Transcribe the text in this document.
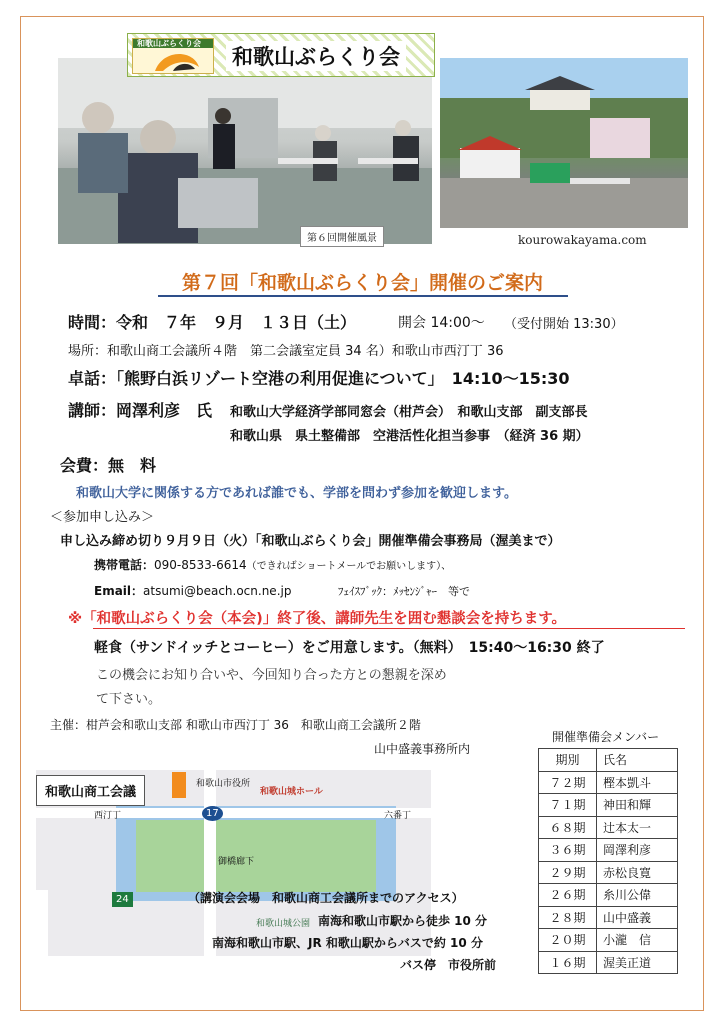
和歌山ぶらくり会
和歌山ぶらくり会
第６回開催風景	kourowakayama.com
第７回「和歌山ぶらくり会」開催のご案内
時間：令和　７年　９月　１３日（土）	開会 14:00〜 （受付開始 13:30）
場所：和歌山商工会議所４階　第二会議室定員 34 名）和歌山市西汀丁 36
卓話：「熊野白浜リゾート空港の利用促進について」　14:10〜15:30
講師：岡澤利彦　氏 和歌山大学経済学部同窓会（柑芦会）　和歌山支部　副支部長
和歌山県　県土整備部　空港活性化担当参事　（経済 36 期）
会費：無　料
和歌山大学に関係する方であれば誰でも、学部を問わず参加を歓迎します。
＜参加申し込み＞
申し込み締め切り９月９日（火）「和歌山ぶらくり会」開催準備会事務局（渥美まで）
携帯電話：090-8533-6614（できればショートメールでお願いします）、
Email：atsumi@beach.ocn.ne.jp	ﾌｪｲｽﾌﾞｯｸ：ﾒｯｾﾝｼﾞｬｰ　等で
※「和歌山ぶらくり会（本会)」終了後、講師先生を囲む懇談会を持ちます。
軽食（サンドイッチとコーヒー）をご用意します。（無料）　15:40〜16:30 終了
この機会にお知り合いや、今回知り合った方との懇親を深め
て下さい。
主催：柑芦会和歌山支部 和歌山市西汀丁 36　和歌山商工会議所２階
山中盛義事務所内
和歌山市役所
和歌山城ホール
西汀丁	六番丁
17
24
御橋廊下
和歌山城公園
和歌山商工会議
（講演会会場　和歌山商工会議所までのアクセス）
南海和歌山市駅から徒歩 10 分
南海和歌山市駅、JR 和歌山駅からバスで約 10 分
バス停　市役所前
開催準備会メンバー
期別	氏名
７２期	樫本凱斗
７１期	神田和輝
６８期	辻本太一
３６期	岡澤利彦
２９期	赤松良寛
２６期	糸川公偉
２８期	山中盛義
２０期	小瀧　信
１６期	渥美正道
